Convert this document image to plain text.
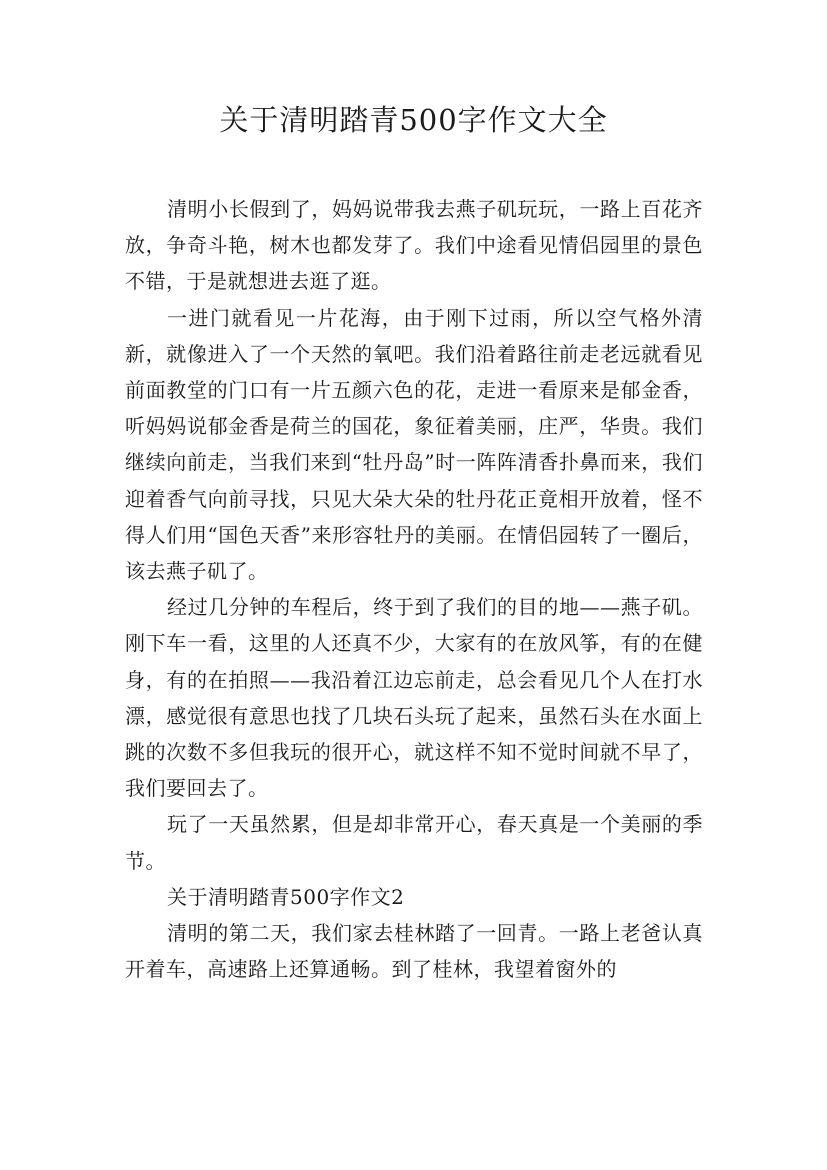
关于清明踏青500字作文大全

清明小长假到了，妈妈说带我去燕子矶玩玩，一路上百花齐放，争奇斗艳，树木也都发芽了。我们中途看见情侣园里的景色不错，于是就想进去逛了逛。

一进门就看见一片花海，由于刚下过雨，所以空气格外清新，就像进入了一个天然的氧吧。我们沿着路往前走老远就看见前面教堂的门口有一片五颜六色的花，走进一看原来是郁金香，听妈妈说郁金香是荷兰的国花，象征着美丽，庄严，华贵。我们继续向前走，当我们来到“牡丹岛”时一阵阵清香扑鼻而来，我们迎着香气向前寻找，只见大朵大朵的牡丹花正竟相开放着，怪不得人们用“国色天香”来形容牡丹的美丽。在情侣园转了一圈后，该去燕子矶了。

经过几分钟的车程后，终于到了我们的目的地——燕子矶。刚下车一看，这里的人还真不少，大家有的在放风筝，有的在健身，有的在拍照——我沿着江边忘前走，总会看见几个人在打水漂，感觉很有意思也找了几块石头玩了起来，虽然石头在水面上跳的次数不多但我玩的很开心，就这样不知不觉时间就不早了，我们要回去了。

玩了一天虽然累，但是却非常开心，春天真是一个美丽的季节。

关于清明踏青500字作文2

清明的第二天，我们家去桂林踏了一回青。一路上老爸认真开着车，高速路上还算通畅。到了桂林，我望着窗外的
